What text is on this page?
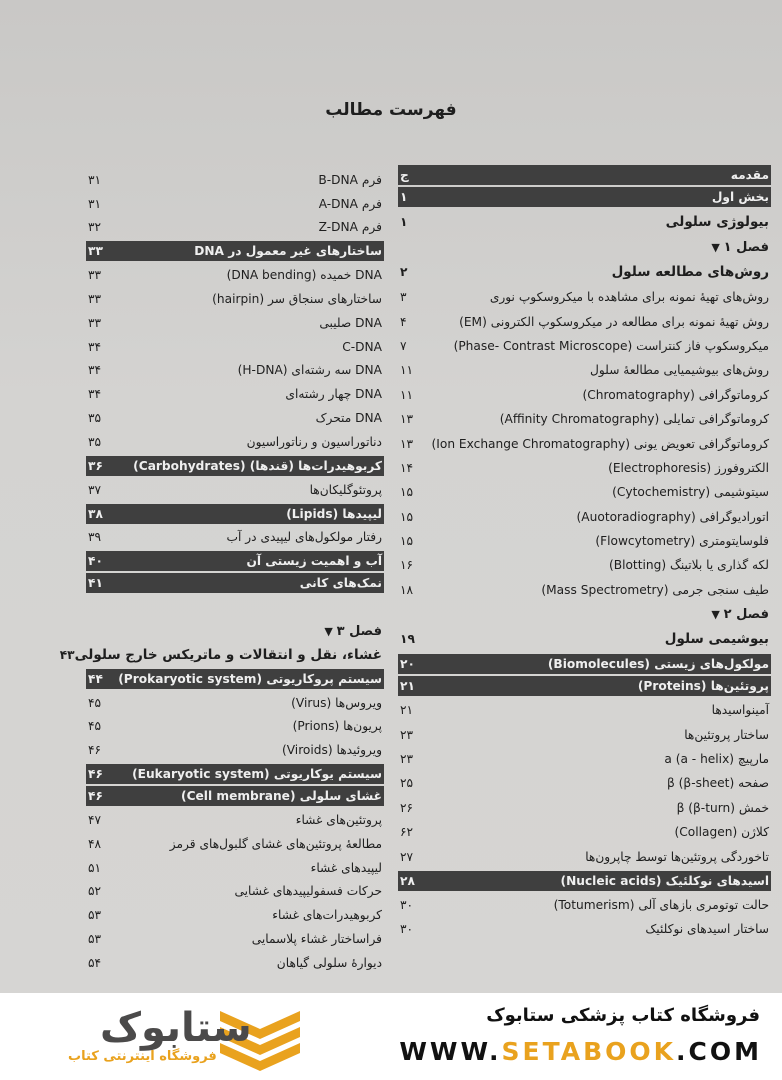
فهرست مطالب
مقدمه
ج
بخش اول
۱
بیولوژی سلولی
۱
فصل ۱ ▼
روش‌های مطالعه سلول
۲
روش‌های تهیهٔ نمونه برای مشاهده با میکروسکوپ نوری
۳
روش تهیهٔ نمونه برای مطالعه در میکروسکوپ الکترونی (EM)
۴
میکروسکوپ فاز کنتراست (Phase- Contrast Microscope)
۷
روش‌های بیوشیمیایی مطالعهٔ سلول
۱۱
کروماتوگرافی (Chromatography)
۱۱
کروماتوگرافی تمایلی (Affinity Chromatography)
۱۳
کروماتوگرافی تعویض یونی (Ion Exchange Chromatography)
۱۳
الکتروفورز (Electrophoresis)
۱۴
سیتوشیمی (Cytochemistry)
۱۵
اتورادیوگرافی (Auotoradiography)
۱۵
فلوسایتومتری (Flowcytometry)
۱۵
لکه گذاری یا بلاتینگ (Blotting)
۱۶
طیف سنجی جرمی (Mass Spectrometry)
۱۸
فصل ۲ ▼
بیوشیمی سلول
۱۹
مولکول‌های زیستی (Biomolecules)
۲۰
پروتئین‌ها (Proteins)
۲۱
آمینواسیدها
۲۱
ساختار پروتئین‌ها
۲۳
مارپیچ a (a - helix)
۲۳
صفحه β (β-sheet)
۲۵
خمش β (β-turn)
۲۶
کلاژن (Collagen)
۶۲
تاخوردگی پروتئین‌ها توسط چاپرون‌ها
۲۷
اسیدهای نوکلئیک (Nucleic acids)
۲۸
حالت توتومری بازهای آلی (Totumerism)
۳۰
ساختار اسیدهای نوکلئیک
۳۰
فرم B-DNA
۳۱
فرم A-DNA
۳۱
فرم Z-DNA
۳۲
ساختارهای غیر معمول در DNA
۳۳
DNA خمیده (DNA bending)
۳۳
ساختارهای سنجاق سر (hairpin)
۳۳
DNA صلیبی
۳۳
C-DNA
۳۴
DNA سه رشته‌ای (H-DNA)
۳۴
DNA چهار رشته‌ای
۳۴
DNA متحرک
۳۵
دناتوراسیون و رناتوراسیون
۳۵
کربوهیدرات‌ها (قندها) (Carbohydrates)
۳۶
پروتئوگلیکان‌ها
۳۷
لیپیدها (Lipids)
۳۸
رفتار مولکول‌های لیپیدی در آب
۳۹
آب و اهمیت زیستی آن
۴۰
نمک‌های کانی
۴۱
فصل ۳ ▼
غشاء، نقل و انتقالات و ماتریکس خارج سلولی
۴۳
سیستم پروکاریوتی (Prokaryotic system)
۴۴
ویروس‌ها (Virus)
۴۵
پریون‌ها (Prions)
۴۵
ویروئیدها (Viroids)
۴۶
سیستم یوکاریوتی (Eukaryotic system)
۴۶
غشای سلولی (Cell membrane)
۴۶
پروتئین‌های غشاء
۴۷
مطالعهٔ پروتئین‌های غشای گلبول‌های قرمز
۴۸
لیپیدهای غشاء
۵۱
حرکات فسفولیپیدهای غشایی
۵۲
کربوهیدرات‌های غشاء
۵۳
فراساختار غشاء پلاسمایی
۵۳
دیوارهٔ سلولی گیاهان
۵۴
ستابوک
فروشگاه اینترنتی کتاب
فروشگاه کتاب پزشکی ستابوک
WWW.SETABOOK.COM
